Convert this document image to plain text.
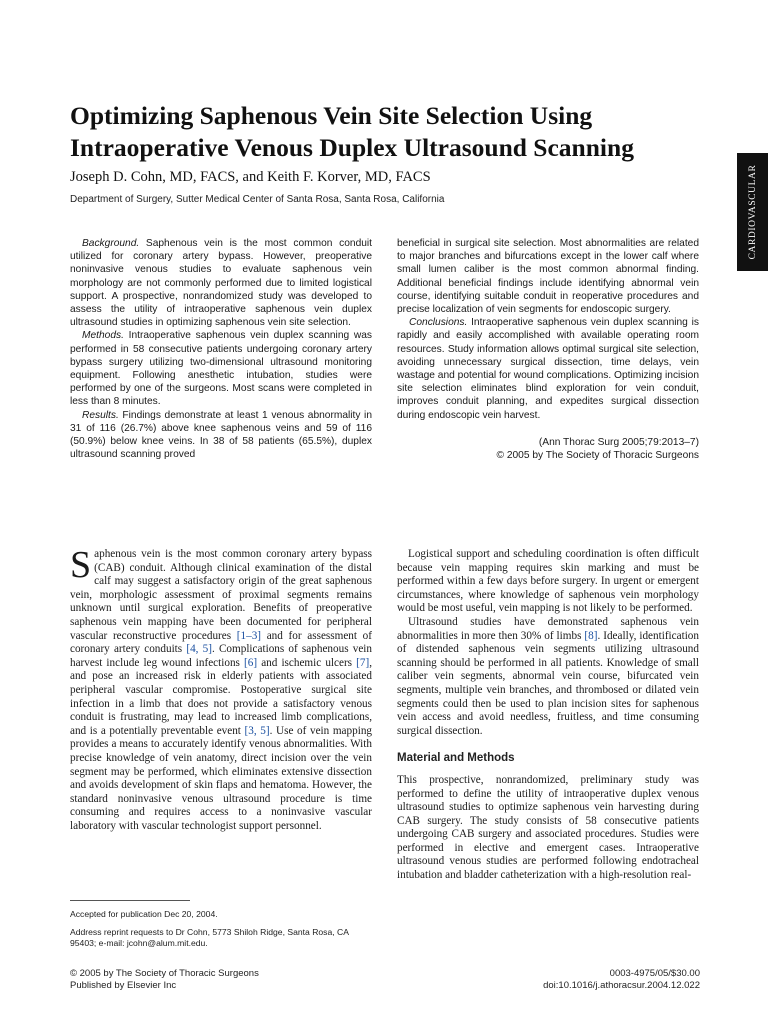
CARDIOVASCULAR
Optimizing Saphenous Vein Site Selection Using Intraoperative Venous Duplex Ultrasound Scanning
Joseph D. Cohn, MD, FACS, and Keith F. Korver, MD, FACS
Department of Surgery, Sutter Medical Center of Santa Rosa, Santa Rosa, California

Background. Saphenous vein is the most common conduit utilized for coronary artery bypass. However, preoperative noninvasive venous studies to evaluate saphenous vein morphology are not commonly performed due to limited logistical support. A prospective, nonrandomized study was developed to assess the utility of intraoperative saphenous vein duplex ultrasound studies in optimizing saphenous vein site selection.

Methods. Intraoperative saphenous vein duplex scanning was performed in 58 consecutive patients undergoing coronary artery bypass surgery utilizing two-dimensional ultrasound monitoring equipment. Following anesthetic intubation, studies were performed by one of the surgeons. Most scans were completed in less than 8 minutes.

Results. Findings demonstrate at least 1 venous abnormality in 31 of 116 (26.7%) above knee saphenous veins and 59 of 116 (50.9%) below knee veins. In 38 of 58 patients (65.5%), duplex ultrasound scanning proved

beneficial in surgical site selection. Most abnormalities are related to major branches and bifurcations except in the lower calf where small lumen caliber is the most common abnormal finding. Additional beneficial findings include identifying abnormal vein course, identifying suitable conduit in reoperative procedures and precise localization of vein segments for endoscopic surgery.

Conclusions. Intraoperative saphenous vein duplex scanning is rapidly and easily accomplished with available operating room resources. Study information allows optimal surgical site selection, avoiding unnecessary surgical dissection, time delays, vein wastage and potential for wound complications. Optimizing incision site selection eliminates blind exploration for vein conduit, improves conduit planning, and expedites surgical dissection during endoscopic vein harvest.

(Ann Thorac Surg 2005;79:2013–7)

© 2005 by The Society of Thoracic Surgeons

Saphenous vein is the most common coronary artery bypass (CAB) conduit. Although clinical examination of the distal calf may suggest a satisfactory origin of the great saphenous vein, morphologic assessment of proximal segments remains unknown until surgical exploration. Benefits of preoperative saphenous vein mapping have been documented for peripheral vascular reconstructive procedures [1–3] and for assessment of coronary artery conduits [4, 5]. Complications of saphenous vein harvest include leg wound infections [6] and ischemic ulcers [7], and pose an increased risk in elderly patients with associated peripheral vascular compromise. Postoperative surgical site infection in a limb that does not provide a satisfactory venous conduit is frustrating, may lead to increased limb complications, and is a potentially preventable event [3, 5]. Use of vein mapping provides a means to accurately identify venous abnormalities. With precise knowledge of vein anatomy, direct incision over the vein segment may be performed, which eliminates extensive dissection and avoids development of skin flaps and hematoma. However, the standard noninvasive venous ultrasound procedure is time consuming and requires access to a noninvasive vascular laboratory with vascular technologist support personnel.

Logistical support and scheduling coordination is often difficult because vein mapping requires skin marking and must be performed within a few days before surgery. In urgent or emergent circumstances, where knowledge of saphenous vein morphology would be most useful, vein mapping is not likely to be performed.

Ultrasound studies have demonstrated saphenous vein abnormalities in more then 30% of limbs [8]. Ideally, identification of distended saphenous vein segments utilizing ultrasound scanning should be performed in all patients. Knowledge of small caliber vein segments, abnormal vein course, bifurcated vein segments, multiple vein branches, and thrombosed or dilated vein segments could then be used to plan incision sites for saphenous vein access and avoid needless, fruitless, and time consuming surgical dissection.

Material and Methods

This prospective, nonrandomized, preliminary study was performed to define the utility of intraoperative duplex venous ultrasound studies to optimize saphenous vein harvesting during CAB surgery. The study consists of 58 consecutive patients undergoing CAB surgery and associated procedures. Studies were performed in elective and emergent cases. Intraoperative ultrasound venous studies are performed following endotracheal intubation and bladder catheterization with a high-resolution real-

Accepted for publication Dec 20, 2004.

Address reprint requests to Dr Cohn, 5773 Shiloh Ridge, Santa Rosa, CA 95403; e-mail: jcohn@alum.mit.edu.

© 2005 by The Society of Thoracic Surgeons
Published by Elsevier Inc
0003-4975/05/$30.00
doi:10.1016/j.athoracsur.2004.12.022
